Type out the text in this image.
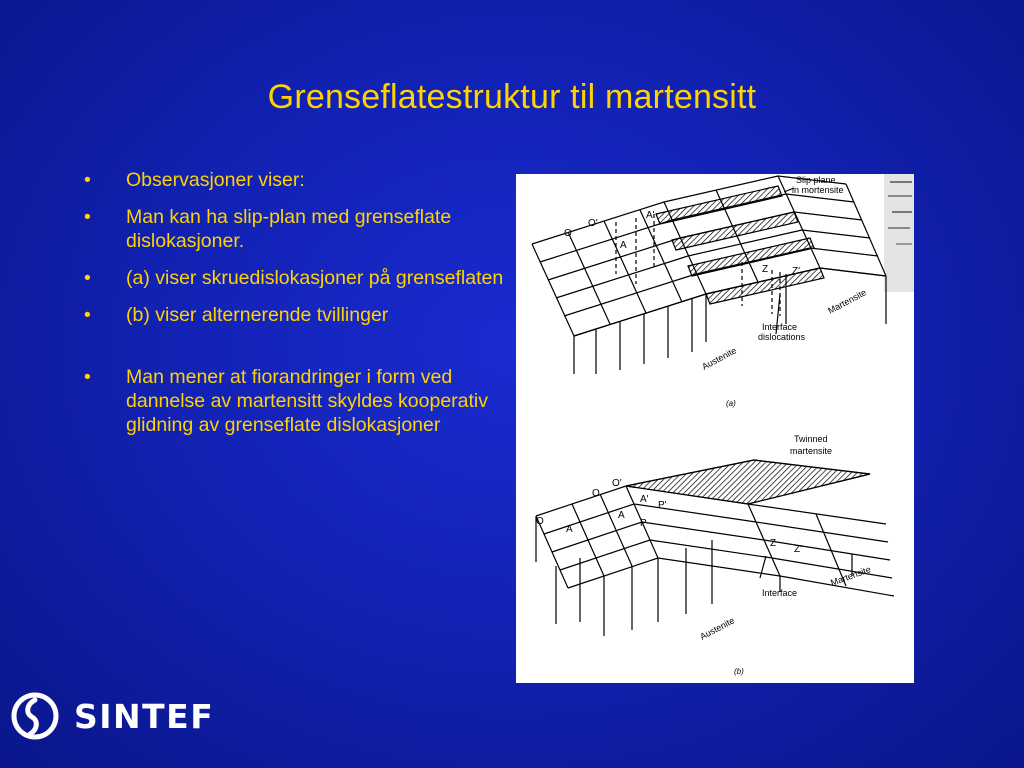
Grenseflatestruktur til martensitt
• Observasjoner viser:
• Man kan ha slip-plan med grenseflate dislokasjoner.
• (a) viser skruedislokasjoner på grenseflaten
• (b) viser alternerende tvillinger
• Man mener at fiorandringer i form ved dannelse av martensitt skyldes kooperativ glidning av grenseflate dislokasjoner
Slip plane
in mortensite
O'
A'
O
A
Z Z'
Martensite
Interface
dislocations
Austenite
(a)
Twinned
martensite
O'
O
O
A'
P'
A
P
A
Z
Z'
Martensite
Interface
Austenite
(b)
SINTEF
